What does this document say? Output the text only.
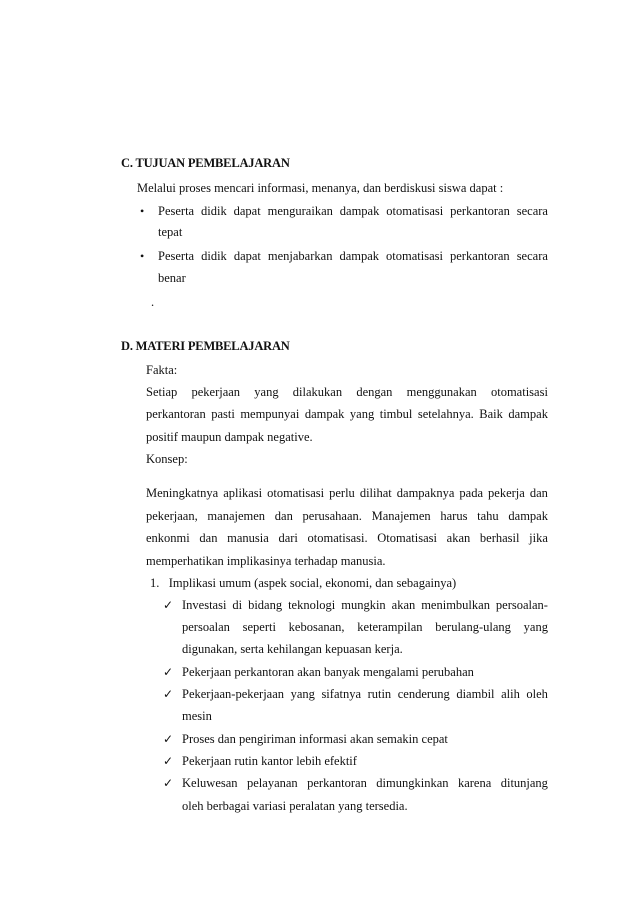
C. TUJUAN PEMBELAJARAN
Melalui proses mencari informasi, menanya, dan berdiskusi siswa dapat :
• Peserta didik dapat menguraikan dampak otomatisasi perkantoran secara
tepat
• Peserta didik dapat menjabarkan dampak otomatisasi perkantoran secara
benar
.
D. MATERI PEMBELAJARAN
Fakta:
Setiap pekerjaan yang dilakukan dengan menggunakan otomatisasi
perkantoran pasti mempunyai dampak yang timbul setelahnya. Baik dampak
positif maupun dampak negative.
Konsep:
Meningkatnya aplikasi otomatisasi perlu dilihat dampaknya pada pekerja dan
pekerjaan, manajemen dan perusahaan. Manajemen harus tahu dampak
enkonmi dan manusia dari otomatisasi. Otomatisasi akan berhasil jika
memperhatikan implikasinya terhadap manusia.
1.   Implikasi umum (aspek social, ekonomi, dan sebagainya)
✓ Investasi di bidang teknologi mungkin akan menimbulkan persoalan-
persoalan seperti kebosanan, keterampilan berulang-ulang yang
digunakan, serta kehilangan kepuasan kerja.
✓ Pekerjaan perkantoran akan banyak mengalami perubahan
✓ Pekerjaan-pekerjaan yang sifatnya rutin cenderung diambil alih oleh
mesin
✓ Proses dan pengiriman informasi akan semakin cepat
✓ Pekerjaan rutin kantor lebih efektif
✓ Keluwesan pelayanan perkantoran dimungkinkan karena ditunjang
oleh berbagai variasi peralatan yang tersedia.
